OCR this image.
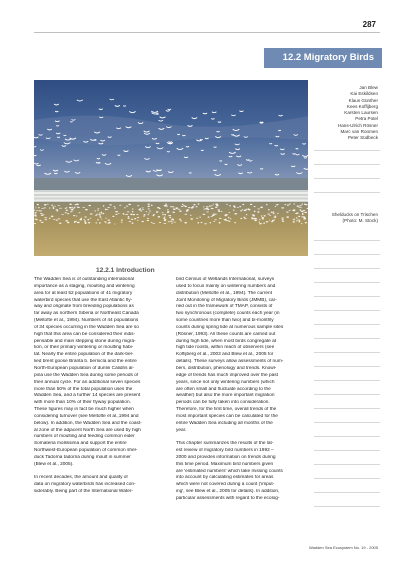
287
12.2 Migratory Birds
Jan Blew
Kai Eskildsen
Klaus Günther
Kees Koffijberg
Karsten Laursen
Petra Potel
Hans-Ulrich Rösner
Marc van Roomen
Peter Südbeck
Shelducks on Trischen
(Photo: M. Stock)
12.2.1 Introduction
The Wadden Sea is of outstanding international
importance as a staging, moulting and wintering
area for at least 52 populations of 41 migratory
waterbird species that use the East Atlantic fly-
way and originate from breeding populations as
far away as northern Siberia or Northeast Canada
(Meltofte et al., 1994). Numbers of 44 populations
of 34 species occurring in the Wadden Sea are so
high that this area can be considered their indis-
pensable and main stepping stone during migra-
tion, or their primary wintering or moulting habi-
tat. Nearly the entire population of the dark-bel-
lied brent goose Branta b. bernicla and the entire
North-European population of dunlin Calidris al-
pina use the Wadden Sea during some periods of
their annual cycle. For an additional seven species
more than 50% of the total population uses the
Wadden Sea, and a further 14 species are present
with more than 10% of their flyway population.
These figures may in fact be much higher when
considering turnover (see Meltofte et al.,1994 and
below). In addition, the Wadden Sea and the coast-
al zone of the adjacent North Sea are used by high
numbers of moulting and feeding common eider
Somateria mollissima and support the entire
Northwest-European population of common shel-
duck Tadorna tadorna during moult in summer
(Blew et al., 2005).
In recent decades, the amount and quality of
data on migratory waterbirds has increased con-
siderably. Being part of the International Water-
bird Census of Wetlands International, surveys
used to focus mainly on wintering numbers and
distribution (Meltofte et al., 1994). The current
Joint Monitoring of Migratory Birds (JMMB), car-
ried out in the framework of TMAP, consists of
two synchronous (complete) counts each year (in
some countries more than two) and bi-monthly
counts during spring tide at numerous sample sites
(Rösner, 1993). All these counts are carried out
during high tide, when most birds congregate at
high tide roosts, within reach of observers (see
Koffijberg et al., 2003 and Blew et al., 2005 for
details). These surveys allow assessments of num-
bers, distribution, phenology and trends. Knowl-
edge of trends has much improved over the past
years, since not only wintering numbers (which
are often small and fluctuate according to the
weather) but also the more important migration
periods can be fully taken into consideration.
Therefore, for the first time, overall trends of the
most important species can be calculated for the
entire Wadden Sea including all months of the
year.
This chapter summarizes the results of the lat-
est review of migratory bird numbers in 1992 –
2000 and provides information on trends during
this time period. Maximum bird numbers given
are 'estimated numbers' which take missing counts
into account by calculating estimates for areas
which were not covered during a count ('imput-
ing', see Blew et al., 2005 for details). In addition,
particular assessments with regard to the ecolog-
Wadden Sea Ecosystem No. 19 - 2005
